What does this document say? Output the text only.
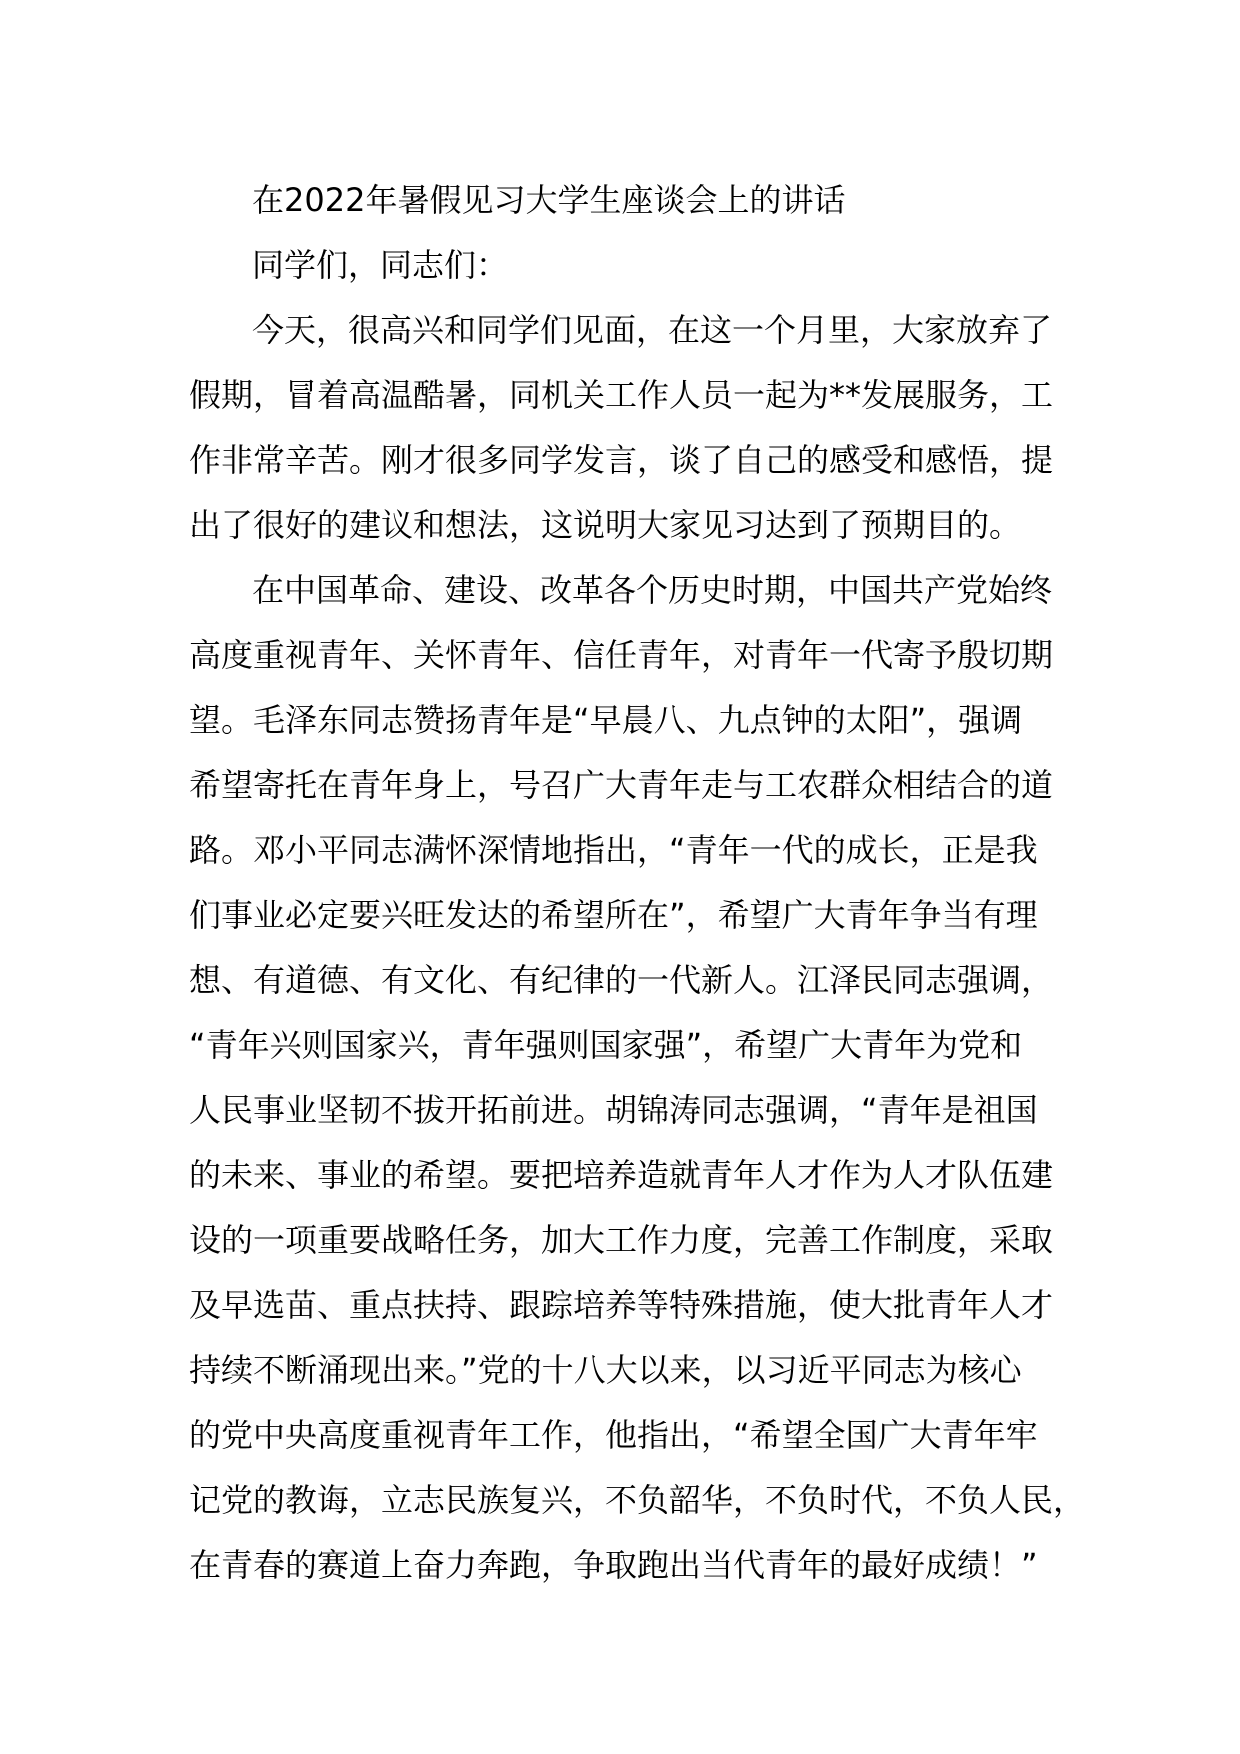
在2022年暑假见习大学生座谈会上的讲话
同学们，同志们：
今天，很高兴和同学们见面，在这一个月里，大家放弃了
假期，冒着高温酷暑，同机关工作人员一起为**发展服务，工
作非常辛苦。刚才很多同学发言，谈了自己的感受和感悟，提
出了很好的建议和想法，这说明大家见习达到了预期目的。
在中国革命、建设、改革各个历史时期，中国共产党始终
高度重视青年、关怀青年、信任青年，对青年一代寄予殷切期
望。毛泽东同志赞扬青年是“早晨八、九点钟的太阳”，强调
希望寄托在青年身上，号召广大青年走与工农群众相结合的道
路。邓小平同志满怀深情地指出，“青年一代的成长，正是我
们事业必定要兴旺发达的希望所在”，希望广大青年争当有理
想、有道德、有文化、有纪律的一代新人。江泽民同志强调，
“青年兴则国家兴，青年强则国家强”，希望广大青年为党和
人民事业坚韧不拔开拓前进。胡锦涛同志强调，“青年是祖国
的未来、事业的希望。要把培养造就青年人才作为人才队伍建
设的一项重要战略任务，加大工作力度，完善工作制度，采取
及早选苗、重点扶持、跟踪培养等特殊措施，使大批青年人才
持续不断涌现出来。”党的十八大以来，以习近平同志为核心
的党中央高度重视青年工作，他指出，“希望全国广大青年牢
记党的教诲，立志民族复兴，不负韶华，不负时代，不负人民，
在青春的赛道上奋力奔跑，争取跑出当代青年的最好成绩！”
